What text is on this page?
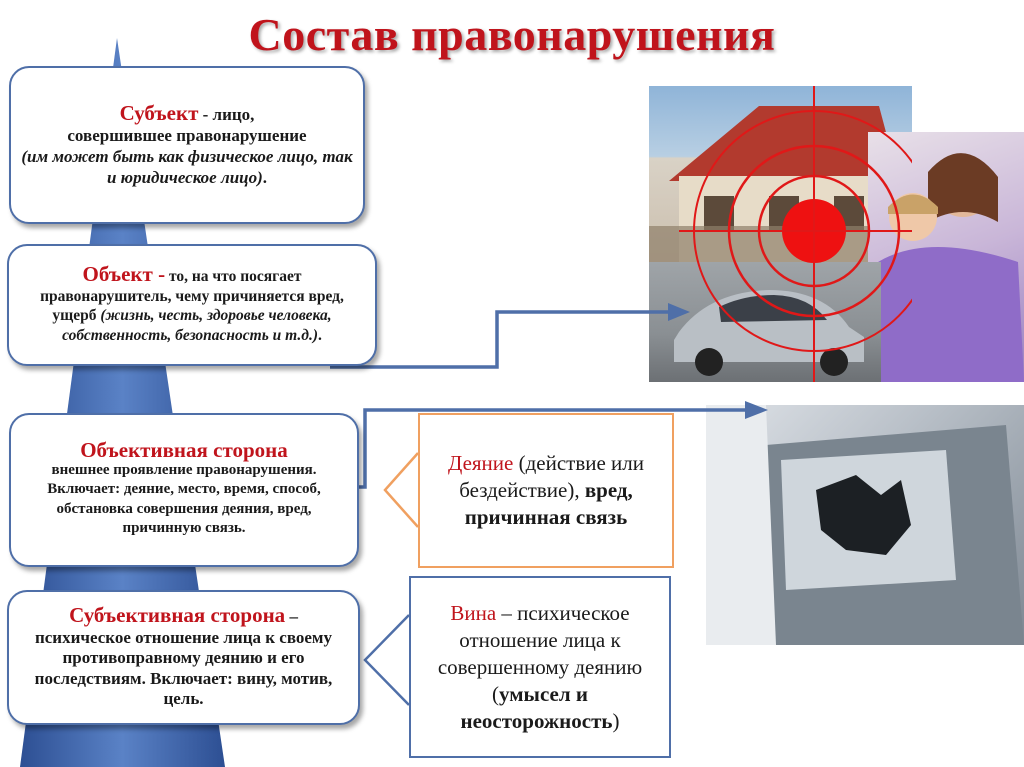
Состав правонарушения
Субъект - лицо,
совершившее правонарушение
(им может быть как физическое лицо, так и юридическое лицо).
Объект - то, на что посягает правонарушитель, чему причиняется вред, ущерб (жизнь, честь, здоровье человека, собственность, безопасность и т.д.).
Объективная сторона
внешнее проявление правонарушения. Включает: деяние, место, время, способ, обстановка совершения деяния, вред, причинную связь.
Субъективная сторона –
психическое отношение лица к своему противоправному деянию и его последствиям. Включает: вину, мотив, цель.
Деяние (действие или бездействие), вред, причинная связь
Вина – психическое отношение лица к совершенному деянию (умысел и неосторожность)
